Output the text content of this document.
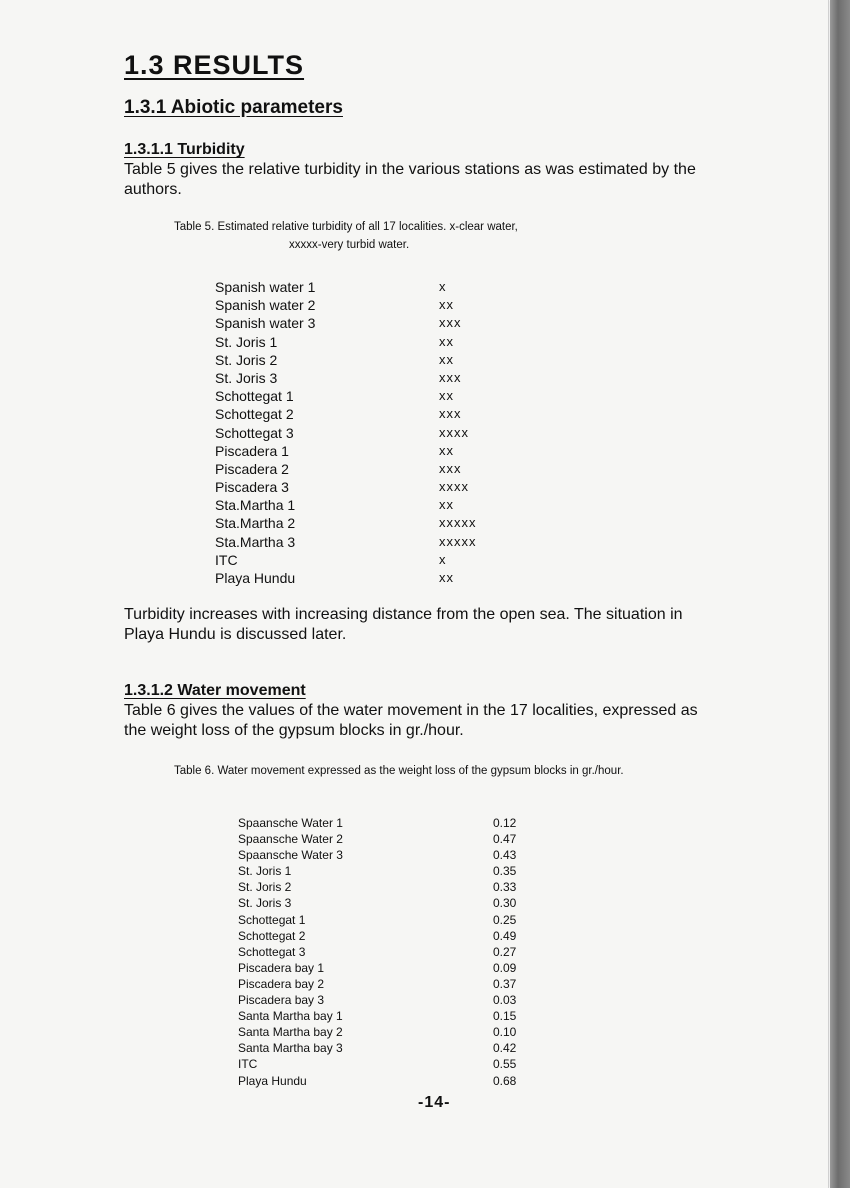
1.3 RESULTS
1.3.1 Abiotic parameters
1.3.1.1 Turbidity
Table 5 gives the relative turbidity in the various stations as was estimated by the authors.
Table 5. Estimated relative turbidity of all 17 localities. x-clear water,
xxxxx-very turbid water.
Spanish water 1	x
Spanish water 2	xx
Spanish water 3	xxx
St. Joris 1	xx
St. Joris 2	xx
St. Joris 3	xxx
Schottegat 1	xx
Schottegat 2	xxx
Schottegat 3	xxxx
Piscadera 1	xx
Piscadera 2	xxx
Piscadera 3	xxxx
Sta.Martha 1	xx
Sta.Martha 2	xxxxx
Sta.Martha 3	xxxxx
ITC	x
Playa Hundu	xx
Turbidity increases with increasing distance from the open sea. The situation in Playa Hundu is discussed later.
1.3.1.2 Water movement
Table 6 gives the values of the water movement in the 17 localities, expressed as the weight loss of the gypsum blocks in gr./hour.
Table 6. Water movement expressed as the weight loss of the gypsum blocks in gr./hour.
Spaansche Water 1	0.12
Spaansche Water 2	0.47
Spaansche Water 3	0.43
St. Joris 1	0.35
St. Joris 2	0.33
St. Joris 3	0.30
Schottegat 1	0.25
Schottegat 2	0.49
Schottegat 3	0.27
Piscadera bay 1	0.09
Piscadera bay 2	0.37
Piscadera bay 3	0.03
Santa Martha bay 1	0.15
Santa Martha bay 2	0.10
Santa Martha bay 3	0.42
ITC	0.55
Playa Hundu	0.68
-14-
